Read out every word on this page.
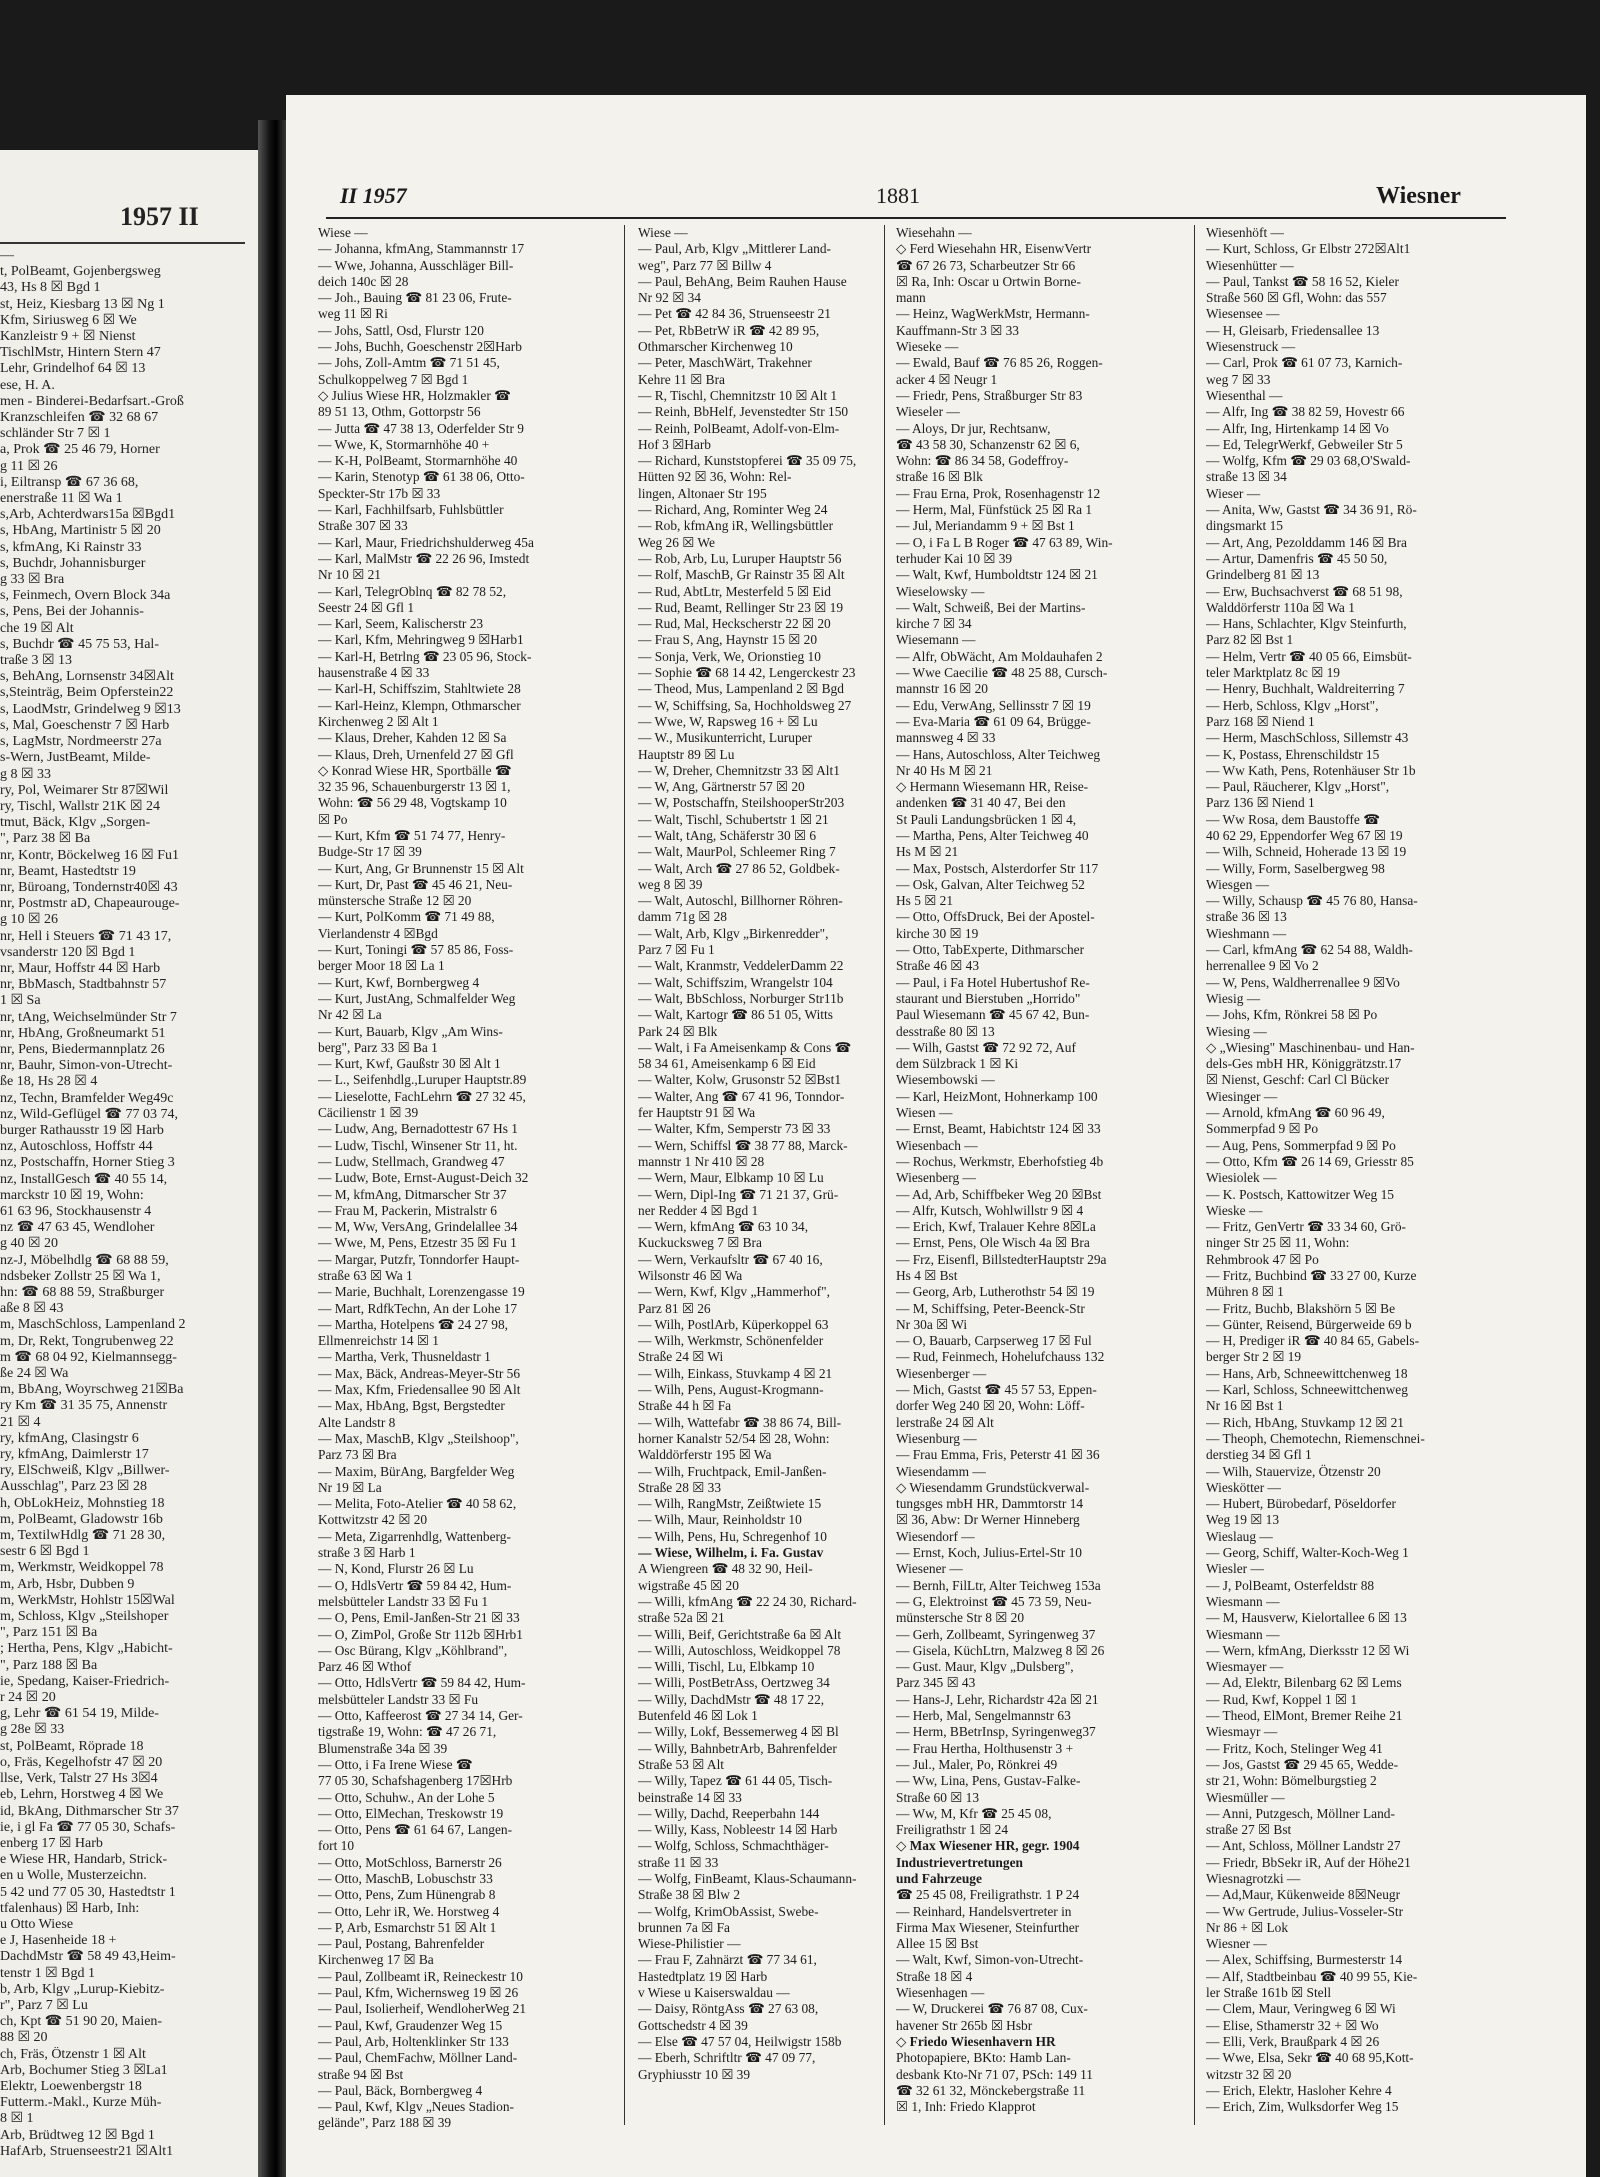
1957 II
—
t, PolBeamt, Gojenbergsweg
43, Hs 8 ☒ Bgd 1
st, Heiz, Kiesbarg 13 ☒ Ng 1
Kfm, Siriusweg 6 ☒ We
Kanzleistr 9 + ☒ Nienst
TischlMstr, Hintern Stern 47
Lehr, Grindelhof 64 ☒ 13
ese, H. A.
men - Binderei-Bedarfsart.-Groß
Kranzschleifen ☎ 32 68 67
schländer Str 7 ☒ 1
a, Prok ☎ 25 46 79, Horner
g 11 ☒ 26
i, Eiltransp ☎ 67 36 68,
enerstraße 11 ☒ Wa 1
s,Arb, Achterdwars15a ☒Bgd1
s, HbAng, Martinistr 5 ☒ 20
s, kfmAng, Ki Rainstr 33
s, Buchdr, Johannisburger
g 33 ☒ Bra
s, Feinmech, Overn Block 34a
s, Pens, Bei der Johannis-
che 19 ☒ Alt
s, Buchdr ☎ 45 75 53, Hal-
traße 3 ☒ 13
s, BehAng, Lornsenstr 34☒Alt
s,Steinträg, Beim Opferstein22
s, LaodMstr, Grindelweg 9 ☒13
s, Mal, Goeschenstr 7 ☒ Harb
s, LagMstr, Nordmeerstr 27a
s-Wern, JustBeamt, Milde-
g 8 ☒ 33
ry, Pol, Weimarer Str 87☒Wil
ry, Tischl, Wallstr 21K ☒ 24
tmut, Bäck, Klgv „Sorgen-
", Parz 38 ☒ Ba
nr, Kontr, Böckelweg 16 ☒ Fu1
nr, Beamt, Hastedtstr 19
nr, Büroang, Tondernstr40☒ 43
nr, Postmstr aD, Chapeaurouge-
g 10 ☒ 26
nr, Hell i Steuers ☎ 71 43 17,
vsanderstr 120 ☒ Bgd 1
nr, Maur, Hoffstr 44 ☒ Harb
nr, BbMasch, Stadtbahnstr 57
1 ☒ Sa
nr, tAng, Weichselmünder Str 7
nr, HbAng, Großneumarkt 51
nr, Pens, Biedermannplatz 26
nr, Bauhr, Simon-von-Utrecht-
ße 18, Hs 28 ☒ 4
nz, Techn, Bramfelder Weg49c
nz, Wild-Geflügel ☎ 77 03 74,
burger Rathausstr 19 ☒ Harb
nz, Autoschloss, Hoffstr 44
nz, Postschaffn, Horner Stieg 3
nz, InstallGesch ☎ 40 55 14,
marckstr 10 ☒ 19, Wohn:
61 63 96, Stockhausenstr 4
nz ☎ 47 63 45, Wendloher
g 40 ☒ 20
nz-J, Möbelhdlg ☎ 68 88 59,
ndsbeker Zollstr 25 ☒ Wa 1,
hn: ☎ 68 88 59, Straßburger
aße 8 ☒ 43
m, MaschSchloss, Lampenland 2
m, Dr, Rekt, Tongrubenweg 22
m ☎ 68 04 92, Kielmannsegg-
ße 24 ☒ Wa
m, BbAng, Woyrschweg 21☒Ba
ry Km ☎ 31 35 75, Annenstr
21 ☒ 4
ry, kfmAng, Clasingstr 6
ry, kfmAng, Daimlerstr 17
ry, ElSchweiß, Klgv „Billwer-
Ausschlag", Parz 23 ☒ 28
h, ObLokHeiz, Mohnstieg 18
m, PolBeamt, Gladowstr 16b
m, TextilwHdlg ☎ 71 28 30,
sestr 6 ☒ Bgd 1
m, Werkmstr, Weidkoppel 78
m, Arb, Hsbr, Dubben 9
m, WerkMstr, Hohlstr 15☒Wal
m, Schloss, Klgv „Steilshoper
", Parz 151 ☒ Ba
; Hertha, Pens, Klgv „Habicht-
", Parz 188 ☒ Ba
ie, Spedang, Kaiser-Friedrich-
r 24 ☒ 20
g, Lehr ☎ 61 54 19, Milde-
g 28e ☒ 33
st, PolBeamt, Röprade 18
o, Fräs, Kegelhofstr 47 ☒ 20
llse, Verk, Talstr 27 Hs 3☒4
eb, Lehrn, Horstweg 4 ☒ We
id, BkAng, Dithmarscher Str 37
ie, i gl Fa ☎ 77 05 30, Schafs-
enberg 17 ☒ Harb
e Wiese HR, Handarb, Strick-
en u Wolle, Musterzeichn.
5 42 und 77 05 30, Hastedtstr 1
tfalenhaus) ☒ Harb, Inh:
u Otto Wiese
e J, Hasenheide 18 +
DachdMstr ☎ 58 49 43,Heim-
tenstr 1 ☒ Bgd 1
b, Arb, Klgv „Lurup-Kiebitz-
r", Parz 7 ☒ Lu
ch, Kpt ☎ 51 90 20, Maien-
88 ☒ 20
ch, Fräs, Ötzenstr 1 ☒ Alt
Arb, Bochumer Stieg 3 ☒La1
Elektr, Loewenbergstr 18
Futterm.-Makl., Kurze Müh-
8 ☒ 1
Arb, Brüdtweg 12 ☒ Bgd 1
HafArb, Struenseestr21 ☒Alt1
II 1957	1881	Wiesner
Wiese —
— Johanna, kfmAng, Stammannstr 17
— Wwe, Johanna, Ausschläger Bill-
deich 140c ☒ 28
— Joh., Bauing ☎ 81 23 06, Frute-
weg 11 ☒ Ri
— Johs, Sattl, Osd, Flurstr 120
— Johs, Buchh, Goeschenstr 2☒Harb
— Johs, Zoll-Amtm ☎ 71 51 45,
Schulkoppelweg 7 ☒ Bgd 1
◇ Julius Wiese HR, Holzmakler ☎
89 51 13, Othm, Gottorpstr 56
— Jutta ☎ 47 38 13, Oderfelder Str 9
— Wwe, K, Stormarnhöhe 40 +
— K-H, PolBeamt, Stormarnhöhe 40
— Karin, Stenotyp ☎ 61 38 06, Otto-
Speckter-Str 17b ☒ 33
— Karl, Fachhilfsarb, Fuhlsbüttler
Straße 307 ☒ 33
— Karl, Maur, Friedrichshulderweg 45a
— Karl, MalMstr ☎ 22 26 96, Imstedt
Nr 10 ☒ 21
— Karl, TelegrOblnq ☎ 82 78 52,
Seestr 24 ☒ Gfl 1
— Karl, Seem, Kalischerstr 23
— Karl, Kfm, Mehringweg 9 ☒Harb1
— Karl-H, Betrlng ☎ 23 05 96, Stock-
hausenstraße 4 ☒ 33
— Karl-H, Schiffszim, Stahltwiete 28
— Karl-Heinz, Klempn, Othmarscher
Kirchenweg 2 ☒ Alt 1
— Klaus, Dreher, Kahden 12 ☒ Sa
— Klaus, Dreh, Urnenfeld 27 ☒ Gfl
◇ Konrad Wiese HR, Sportbälle ☎
32 35 96, Schauenburgerstr 13 ☒ 1,
Wohn: ☎ 56 29 48, Vogtskamp 10
☒ Po
— Kurt, Kfm ☎ 51 74 77, Henry-
Budge-Str 17 ☒ 39
— Kurt, Ang, Gr Brunnenstr 15 ☒ Alt
— Kurt, Dr, Past ☎ 45 46 21, Neu-
münstersche Straße 12 ☒ 20
— Kurt, PolKomm ☎ 71 49 88,
Vierlandenstr 4 ☒Bgd
— Kurt, Toningi ☎ 57 85 86, Foss-
berger Moor 18 ☒ La 1
— Kurt, Kwf, Bornbergweg 4
— Kurt, JustAng, Schmalfelder Weg
Nr 42 ☒ La
— Kurt, Bauarb, Klgv „Am Wins-
berg", Parz 33 ☒ Ba 1
— Kurt, Kwf, Gaußstr 30 ☒ Alt 1
— L., Seifenhdlg.,Luruper Hauptstr.89
— Lieselotte, FachLehrn ☎ 27 32 45,
Cäcilienstr 1 ☒ 39
— Ludw, Ang, Bernadottestr 67 Hs 1
— Ludw, Tischl, Winsener Str 11, ht.
— Ludw, Stellmach, Grandweg 47
— Ludw, Bote, Ernst-August-Deich 32
— M, kfmAng, Ditmarscher Str 37
— Frau M, Packerin, Mistralstr 6
— M, Ww, VersAng, Grindelallee 34
— Wwe, M, Pens, Etzestr 35 ☒ Fu 1
— Margar, Putzfr, Tonndorfer Haupt-
straße 63 ☒ Wa 1
— Marie, Buchhalt, Lorenzengasse 19
— Mart, RdfkTechn, An der Lohe 17
— Martha, Hotelpens ☎ 24 27 98,
Ellmenreichstr 14 ☒ 1
— Martha, Verk, Thusneldastr 1
— Max, Bäck, Andreas-Meyer-Str 56
— Max, Kfm, Friedensallee 90 ☒ Alt
— Max, HbAng, Bgst, Bergstedter
Alte Landstr 8
— Max, MaschB, Klgv „Steilshoop",
Parz 73 ☒ Bra
— Maxim, BürAng, Bargfelder Weg
Nr 19 ☒ La
— Melita, Foto-Atelier ☎ 40 58 62,
Kottwitzstr 42 ☒ 20
— Meta, Zigarrenhdlg, Wattenberg-
straße 3 ☒ Harb 1
— N, Kond, Flurstr 26 ☒ Lu
— O, HdlsVertr ☎ 59 84 42, Hum-
melsbütteler Landstr 33 ☒ Fu 1
— O, Pens, Emil-Janßen-Str 21 ☒ 33
— O, ZimPol, Große Str 112b ☒Hrb1
— Osc Bürang, Klgv „Köhlbrand",
Parz 46 ☒ Wthof
— Otto, HdlsVertr ☎ 59 84 42, Hum-
melsbütteler Landstr 33 ☒ Fu
— Otto, Kaffeerost ☎ 27 34 14, Ger-
tigstraße 19, Wohn: ☎ 47 26 71,
Blumenstraße 34a ☒ 39
— Otto, i Fa Irene Wiese ☎
77 05 30, Schafshagenberg 17☒Hrb
— Otto, Schuhw., An der Lohe 5
— Otto, ElMechan, Treskowstr 19
— Otto, Pens ☎ 61 64 67, Langen-
fort 10
— Otto, MotSchloss, Barnerstr 26
— Otto, MaschB, Lobuschstr 33
— Otto, Pens, Zum Hünengrab 8
— Otto, Lehr iR, We. Horstweg 4
— P, Arb, Esmarchstr 51 ☒ Alt 1
— Paul, Postang, Bahrenfelder
Kirchenweg 17 ☒ Ba
— Paul, Zollbeamt iR, Reineckestr 10
— Paul, Kfm, Wichernsweg 19 ☒ 26
— Paul, Isolierheif, WendloherWeg 21
— Paul, Kwf, Graudenzer Weg 15
— Paul, Arb, Holtenklinker Str 133
— Paul, ChemFachw, Möllner Land-
straße 94 ☒ Bst
— Paul, Bäck, Bornbergweg 4
— Paul, Kwf, Klgv „Neues Stadion-
gelände", Parz 188 ☒ 39
Wiese —
— Paul, Arb, Klgv „Mittlerer Land-
weg", Parz 77 ☒ Billw 4
— Paul, BehAng, Beim Rauhen Hause
Nr 92 ☒ 34
— Pet ☎ 42 84 36, Struenseestr 21
— Pet, RbBetrW iR ☎ 42 89 95,
Othmarscher Kirchenweg 10
— Peter, MaschWärt, Trakehner
Kehre 11 ☒ Bra
— R, Tischl, Chemnitzstr 10 ☒ Alt 1
— Reinh, BbHelf, Jevenstedter Str 150
— Reinh, PolBeamt, Adolf-von-Elm-
Hof 3 ☒Harb
— Richard, Kunststopferei ☎ 35 09 75,
Hütten 92 ☒ 36, Wohn: Rel-
lingen, Altonaer Str 195
— Richard, Ang, Rominter Weg 24
— Rob, kfmAng iR, Wellingsbüttler
Weg 26 ☒ We
— Rob, Arb, Lu, Luruper Hauptstr 56
— Rolf, MaschB, Gr Rainstr 35 ☒ Alt
— Rud, AbtLtr, Mesterfeld 5 ☒ Eid
— Rud, Beamt, Rellinger Str 23 ☒ 19
— Rud, Mal, Heckscherstr 22 ☒ 20
— Frau S, Ang, Haynstr 15 ☒ 20
— Sonja, Verk, We, Orionstieg 10
— Sophie ☎ 68 14 42, Lengerckestr 23
— Theod, Mus, Lampenland 2 ☒ Bgd
— W, Schiffsing, Sa, Hochholdsweg 27
— Wwe, W, Rapsweg 16 + ☒ Lu
— W., Musikunterricht, Luruper
Hauptstr 89 ☒ Lu
— W, Dreher, Chemnitzstr 33 ☒ Alt1
— W, Ang, Gärtnerstr 57 ☒ 20
— W, Postschaffn, SteilshooperStr203
— Walt, Tischl, Schubertstr 1 ☒ 21
— Walt, tAng, Schäferstr 30 ☒ 6
— Walt, MaurPol, Schleemer Ring 7
— Walt, Arch ☎ 27 86 52, Goldbek-
weg 8 ☒ 39
— Walt, Autoschl, Billhorner Röhren-
damm 71g ☒ 28
— Walt, Arb, Klgv „Birkenredder",
Parz 7 ☒ Fu 1
— Walt, Kranmstr, VeddelerDamm 22
— Walt, Schiffszim, Wrangelstr 104
— Walt, BbSchloss, Norburger Str11b
— Walt, Kartogr ☎ 86 51 05, Witts
Park 24 ☒ Blk
— Walt, i Fa Ameisenkamp & Cons ☎
58 34 61, Ameisenkamp 6 ☒ Eid
— Walter, Kolw, Grusonstr 52 ☒Bst1
— Walter, Ang ☎ 67 41 96, Tonndor-
fer Hauptstr 91 ☒ Wa
— Walter, Kfm, Semperstr 73 ☒ 33
— Wern, Schiffsl ☎ 38 77 88, Marck-
mannstr 1 Nr 410 ☒ 28
— Wern, Maur, Elbkamp 10 ☒ Lu
— Wern, Dipl-Ing ☎ 71 21 37, Grü-
ner Redder 4 ☒ Bgd 1
— Wern, kfmAng ☎ 63 10 34,
Kuckucksweg 7 ☒ Bra
— Wern, Verkaufsltr ☎ 67 40 16,
Wilsonstr 46 ☒ Wa
— Wern, Kwf, Klgv „Hammerhof",
Parz 81 ☒ 26
— Wilh, PostlArb, Küperkoppel 63
— Wilh, Werkmstr, Schönenfelder
Straße 24 ☒ Wi
— Wilh, Einkass, Stuvkamp 4 ☒ 21
— Wilh, Pens, August-Krogmann-
Straße 44 h ☒ Fa
— Wilh, Wattefabr ☎ 38 86 74, Bill-
horner Kanalstr 52/54 ☒ 28, Wohn:
Walddörferstr 195 ☒ Wa
— Wilh, Fruchtpack, Emil-Janßen-
Straße 28 ☒ 33
— Wilh, RangMstr, Zeißtwiete 15
— Wilh, Maur, Reinholdstr 10
— Wilh, Pens, Hu, Schregenhof 10
— Wiese, Wilhelm, i. Fa. Gustav
A Wiengreen ☎ 48 32 90, Heil-
wigstraße 45 ☒ 20
— Willi, kfmAng ☎ 22 24 30, Richard-
straße 52a ☒ 21
— Willi, Beif, Gerichtstraße 6a ☒ Alt
— Willi, Autoschloss, Weidkoppel 78
— Willi, Tischl, Lu, Elbkamp 10
— Willi, PostBetrAss, Oertzweg 34
— Willy, DachdMstr ☎ 48 17 22,
Butenfeld 46 ☒ Lok 1
— Willy, Lokf, Bessemerweg 4 ☒ Bl
— Willy, BahnbetrArb, Bahrenfelder
Straße 53 ☒ Alt
— Willy, Tapez ☎ 61 44 05, Tisch-
beinstraße 14 ☒ 33
— Willy, Dachd, Reeperbahn 144
— Willy, Kass, Nobleestr 14 ☒ Harb
— Wolfg, Schloss, Schmachthäger-
straße 11 ☒ 33
— Wolfg, FinBeamt, Klaus-Schaumann-
Straße 38 ☒ Blw 2
— Wolfg, KrimObAssist, Swebe-
brunnen 7a ☒ Fa
Wiese-Philistier —
— Frau F, Zahnärzt ☎ 77 34 61,
Hastedtplatz 19 ☒ Harb
v Wiese u Kaiserswaldau —
— Daisy, RöntgAss ☎ 27 63 08,
Gottschedstr 4 ☒ 39
— Else ☎ 47 57 04, Heilwigstr 158b
— Eberh, Schriftltr ☎ 47 09 77,
Gryphiusstr 10 ☒ 39
Wiesehahn —
◇ Ferd Wiesehahn HR, EisenwVertr
☎ 67 26 73, Scharbeutzer Str 66
☒ Ra, Inh: Oscar u Ortwin Borne-
mann
— Heinz, WagWerkMstr, Hermann-
Kauffmann-Str 3 ☒ 33
Wieseke —
— Ewald, Bauf ☎ 76 85 26, Roggen-
acker 4 ☒ Neugr 1
— Friedr, Pens, Straßburger Str 83
Wieseler —
— Aloys, Dr jur, Rechtsanw,
☎ 43 58 30, Schanzenstr 62 ☒ 6,
Wohn: ☎ 86 34 58, Godeffroy-
straße 16 ☒ Blk
— Frau Erna, Prok, Rosenhagenstr 12
— Herm, Mal, Fünfstück 25 ☒ Ra 1
— Jul, Meriandamm 9 + ☒ Bst 1
— O, i Fa L B Roger ☎ 47 63 89, Win-
terhuder Kai 10 ☒ 39
— Walt, Kwf, Humboldtstr 124 ☒ 21
Wieselowsky —
— Walt, Schweiß, Bei der Martins-
kirche 7 ☒ 34
Wiesemann —
— Alfr, ObWächt, Am Moldauhafen 2
— Wwe Caecilie ☎ 48 25 88, Cursch-
mannstr 16 ☒ 20
— Edu, VerwAng, Sellinsstr 7 ☒ 19
— Eva-Maria ☎ 61 09 64, Brügge-
mannsweg 4 ☒ 33
— Hans, Autoschloss, Alter Teichweg
Nr 40 Hs M ☒ 21
◇ Hermann Wiesemann HR, Reise-
andenken ☎ 31 40 47, Bei den
St Pauli Landungsbrücken 1 ☒ 4,
— Martha, Pens, Alter Teichweg 40
Hs M ☒ 21
— Max, Postsch, Alsterdorfer Str 117
— Osk, Galvan, Alter Teichweg 52
Hs 5 ☒ 21
— Otto, OffsDruck, Bei der Apostel-
kirche 30 ☒ 19
— Otto, TabExperte, Dithmarscher
Straße 46 ☒ 43
— Paul, i Fa Hotel Hubertushof Re-
staurant und Bierstuben „Horrido"
Paul Wiesemann ☎ 45 67 42, Bun-
desstraße 80 ☒ 13
— Wilh, Gastst ☎ 72 92 72, Auf
dem Sülzbrack 1 ☒ Ki
Wiesembowski —
— Karl, HeizMont, Hohnerkamp 100
Wiesen —
— Ernst, Beamt, Habichtstr 124 ☒ 33
Wiesenbach —
— Rochus, Werkmstr, Eberhofstieg 4b
Wiesenberg —
— Ad, Arb, Schiffbeker Weg 20 ☒Bst
— Alfr, Kutsch, Wohlwillstr 9 ☒ 4
— Erich, Kwf, Tralauer Kehre 8☒La
— Ernst, Pens, Ole Wisch 4a ☒ Bra
— Frz, Eisenfl, BillstedterHauptstr 29a
Hs 4 ☒ Bst
— Georg, Arb, Lutherothstr 54 ☒ 19
— M, Schiffsing, Peter-Beenck-Str
Nr 30a ☒ Wi
— O, Bauarb, Carpserweg 17 ☒ Ful
— Rud, Feinmech, Hohelufchauss 132
Wiesenberger —
— Mich, Gastst ☎ 45 57 53, Eppen-
dorfer Weg 240 ☒ 20, Wohn: Löff-
lerstraße 24 ☒ Alt
Wiesenburg —
— Frau Emma, Fris, Peterstr 41 ☒ 36
Wiesendamm —
◇ Wiesendamm Grundstückverwal-
tungsges mbH HR, Dammtorstr 14
☒ 36, Abw: Dr Werner Hinneberg
Wiesendorf —
— Ernst, Koch, Julius-Ertel-Str 10
Wiesener —
— Bernh, FilLtr, Alter Teichweg 153a
— G, Elektroinst ☎ 45 73 59, Neu-
münstersche Str 8 ☒ 20
— Gerh, Zollbeamt, Syringenweg 37
— Gisela, KüchLtrn, Malzweg 8 ☒ 26
— Gust. Maur, Klgv „Dulsberg",
Parz 345 ☒ 43
— Hans-J, Lehr, Richardstr 42a ☒ 21
— Herb, Mal, Sengelmannstr 63
— Herm, BBetrInsp, Syringenweg37
— Frau Hertha, Holthusenstr 3 +
— Jul., Maler, Po, Rönkrei 49
— Ww, Lina, Pens, Gustav-Falke-
Straße 60 ☒ 13
— Ww, M, Kfr ☎ 25 45 08,
Freiligrathstr 1 ☒ 24
◇ Max Wiesener HR, gegr. 1904
Industrievertretungen
und Fahrzeuge
☎ 25 45 08, Freiligrathstr. 1 P 24
— Reinhard, Handelsvertreter in
Firma Max Wiesener, Steinfurther
Allee 15 ☒ Bst
— Walt, Kwf, Simon-von-Utrecht-
Straße 18 ☒ 4
Wiesenhagen —
— W, Druckerei ☎ 76 87 08, Cux-
havener Str 265b ☒ Hsbr
◇ Friedo Wiesenhavern HR
Photopapiere, BKto: Hamb Lan-
desbank Kto-Nr 71 07, PSch: 149 11
☎ 32 61 32, Mönckebergstraße 11
☒ 1, Inh: Friedo Klapprot
Wiesenhöft —
— Kurt, Schloss, Gr Elbstr 272☒Alt1
Wiesenhütter —
— Paul, Tankst ☎ 58 16 52, Kieler
Straße 560 ☒ Gfl, Wohn: das 557
Wiesensee —
— H, Gleisarb, Friedensallee 13
Wiesenstruck —
— Carl, Prok ☎ 61 07 73, Karnich-
weg 7 ☒ 33
Wiesenthal —
— Alfr, Ing ☎ 38 82 59, Hovestr 66
— Alfr, Ing, Hirtenkamp 14 ☒ Vo
— Ed, TelegrWerkf, Gebweiler Str 5
— Wolfg, Kfm ☎ 29 03 68,O'Swald-
straße 13 ☒ 34
Wieser —
— Anita, Ww, Gastst ☎ 34 36 91, Rö-
dingsmarkt 15
— Art, Ang, Pezolddamm 146 ☒ Bra
— Artur, Damenfris ☎ 45 50 50,
Grindelberg 81 ☒ 13
— Erw, Buchsachverst ☎ 68 51 98,
Walddörferstr 110a ☒ Wa 1
— Hans, Schlachter, Klgv Steinfurth,
Parz 82 ☒ Bst 1
— Helm, Vertr ☎ 40 05 66, Eimsbüt-
teler Marktplatz 8c ☒ 19
— Henry, Buchhalt, Waldreiterring 7
— Herb, Schloss, Klgv „Horst",
Parz 168 ☒ Niend 1
— Herm, MaschSchloss, Sillemstr 43
— K, Postass, Ehrenschildstr 15
— Ww Kath, Pens, Rotenhäuser Str 1b
— Paul, Räucherer, Klgv „Horst",
Parz 136 ☒ Niend 1
— Ww Rosa, dem Baustoffe ☎
40 62 29, Eppendorfer Weg 67 ☒ 19
— Wilh, Schneid, Hoherade 13 ☒ 19
— Willy, Form, Saselbergweg 98
Wiesgen —
— Willy, Schausp ☎ 45 76 80, Hansa-
straße 36 ☒ 13
Wieshmann —
— Carl, kfmAng ☎ 62 54 88, Waldh-
herrenallee 9 ☒ Vo 2
— W, Pens, Waldherrenallee 9 ☒Vo
Wiesig —
— Johs, Kfm, Rönkrei 58 ☒ Po
Wiesing —
◇ „Wiesing" Maschinenbau- und Han-
dels-Ges mbH HR, Königgrätzstr.17
☒ Nienst, Geschf: Carl Cl Bücker
Wiesinger —
— Arnold, kfmAng ☎ 60 96 49,
Sommerpfad 9 ☒ Po
— Aug, Pens, Sommerpfad 9 ☒ Po
— Otto, Kfm ☎ 26 14 69, Griesstr 85
Wiesiolek —
— K. Postsch, Kattowitzer Weg 15
Wieske —
— Fritz, GenVertr ☎ 33 34 60, Grö-
ninger Str 25 ☒ 11, Wohn:
Rehmbrook 47 ☒ Po
— Fritz, Buchbind ☎ 33 27 00, Kurze
Mühren 8 ☒ 1
— Fritz, Buchb, Blakshörn 5 ☒ Be
— Günter, Reisend, Bürgerweide 69 b
— H, Prediger iR ☎ 40 84 65, Gabels-
berger Str 2 ☒ 19
— Hans, Arb, Schneewittchenweg 18
— Karl, Schloss, Schneewittchenweg
Nr 16 ☒ Bst 1
— Rich, HbAng, Stuvkamp 12 ☒ 21
— Theoph, Chemotechn, Riemenschnei-
derstieg 34 ☒ Gfl 1
— Wilh, Stauervize, Ötzenstr 20
Wieskötter —
— Hubert, Bürobedarf, Pöseldorfer
Weg 19 ☒ 13
Wieslaug —
— Georg, Schiff, Walter-Koch-Weg 1
Wiesler —
— J, PolBeamt, Osterfeldstr 88
Wiesmann —
— M, Hausverw, Kielortallee 6 ☒ 13
Wiesmann —
— Wern, kfmAng, Dierksstr 12 ☒ Wi
Wiesmayer —
— Ad, Elektr, Bilenbarg 62 ☒ Lems
— Rud, Kwf, Koppel 1 ☒ 1
— Theod, ElMont, Bremer Reihe 21
Wiesmayr —
— Fritz, Koch, Stelinger Weg 41
— Jos, Gastst ☎ 29 45 65, Wedde-
str 21, Wohn: Bömelburgstieg 2
Wiesmüller —
— Anni, Putzgesch, Möllner Land-
straße 27 ☒ Bst
— Ant, Schloss, Möllner Landstr 27
— Friedr, BbSekr iR, Auf der Höhe21
Wiesnagrotzki —
— Ad,Maur, Kükenweide 8☒Neugr
— Ww Gertrude, Julius-Vosseler-Str
Nr 86 + ☒ Lok
Wiesner —
— Alex, Schiffsing, Burmesterstr 14
— Alf, Stadtbeinbau ☎ 40 99 55, Kie-
ler Straße 161b ☒ Stell
— Clem, Maur, Veringweg 6 ☒ Wi
— Elise, Sthamerstr 32 + ☒ Wo
— Elli, Verk, Braußpark 4 ☒ 26
— Wwe, Elsa, Sekr ☎ 40 68 95,Kott-
witzstr 32 ☒ 20
— Erich, Elektr, Hasloher Kehre 4
— Erich, Zim, Wulksdorfer Weg 15
